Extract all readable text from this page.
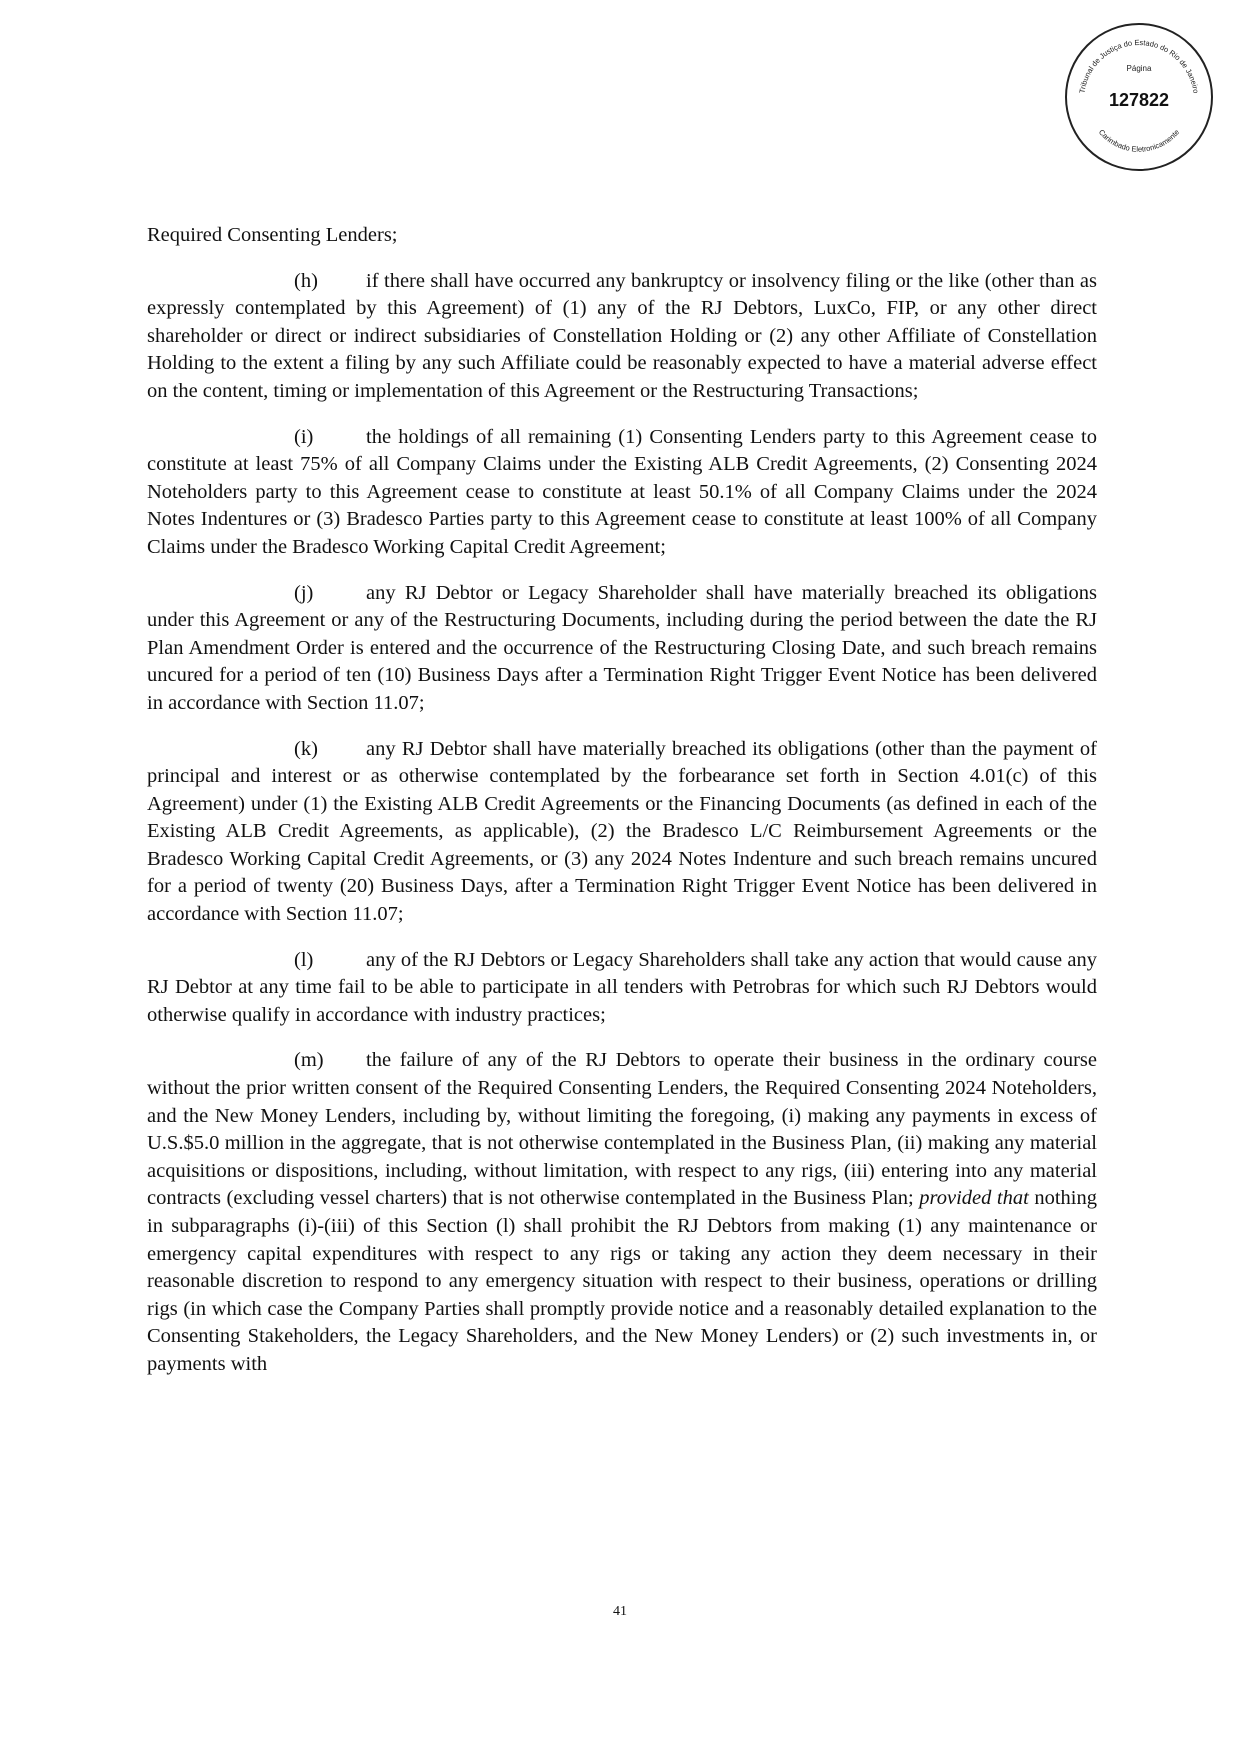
Tribunal de Justiça do Estado do Rio de Janeiro
Carimbado Eletronicamente
Página
127822

Required Consenting Lenders;

(h) if there shall have occurred any bankruptcy or insolvency filing or the like (other than as expressly contemplated by this Agreement) of (1) any of the RJ Debtors, LuxCo, FIP, or any other direct shareholder or direct or indirect subsidiaries of Constellation Holding or (2) any other Affiliate of Constellation Holding to the extent a filing by any such Affiliate could be reasonably expected to have a material adverse effect on the content, timing or implementation of this Agreement or the Restructuring Transactions;

(i)	the holdings of all remaining (1) Consenting Lenders party to this Agreement cease to constitute at least 75% of all Company Claims under the Existing ALB Credit Agreements, (2) Consenting 2024 Noteholders party to this Agreement cease to constitute at least 50.1% of all Company Claims under the 2024 Notes Indentures or (3) Bradesco Parties party to this Agreement cease to constitute at least 100% of all Company Claims under the Bradesco Working Capital Credit Agreement;

(j)	any RJ Debtor or Legacy Shareholder shall have materially breached its obligations under this Agreement or any of the Restructuring Documents, including during the period between the date the RJ Plan Amendment Order is entered and the occurrence of the Restructuring Closing Date, and such breach remains uncured for a period of ten (10) Business Days after a Termination Right Trigger Event Notice has been delivered in accordance with Section 11.07;

(k) any RJ Debtor shall have materially breached its obligations (other than the payment of principal and interest or as otherwise contemplated by the forbearance set forth in Section 4.01(c) of this Agreement) under (1) the Existing ALB Credit Agreements or the Financing Documents (as defined in each of the Existing ALB Credit Agreements, as applicable), (2) the Bradesco L/C Reimbursement Agreements or the Bradesco Working Capital Credit Agreements, or (3) any 2024 Notes Indenture and such breach remains uncured for a period of twenty (20) Business Days, after a Termination Right Trigger Event Notice has been delivered in accordance with Section 11.07;

(l)	any of the RJ Debtors or Legacy Shareholders shall take any action that would cause any RJ Debtor at any time fail to be able to participate in all tenders with Petrobras for which such RJ Debtors would otherwise qualify in accordance with industry practices;

(m) the failure of any of the RJ Debtors to operate their business in the ordinary course without the prior written consent of the Required Consenting Lenders, the Required Consenting 2024 Noteholders, and the New Money Lenders, including by, without limiting the foregoing, (i) making any payments in excess of U.S.$5.0 million in the aggregate, that is not otherwise contemplated in the Business Plan, (ii) making any material acquisitions or dispositions, including, without limitation, with respect to any rigs, (iii) entering into any material contracts (excluding vessel charters) that is not otherwise contemplated in the Business Plan; provided that nothing in subparagraphs (i)-(iii) of this Section (l) shall prohibit the RJ Debtors from making (1) any maintenance or emergency capital expenditures with respect to any rigs or taking any action they deem necessary in their reasonable discretion to respond to any emergency situation with respect to their business, operations or drilling rigs (in which case the Company Parties shall promptly provide notice and a reasonably detailed explanation to the Consenting Stakeholders, the Legacy Shareholders, and the New Money Lenders) or (2) such investments in, or payments with

41
